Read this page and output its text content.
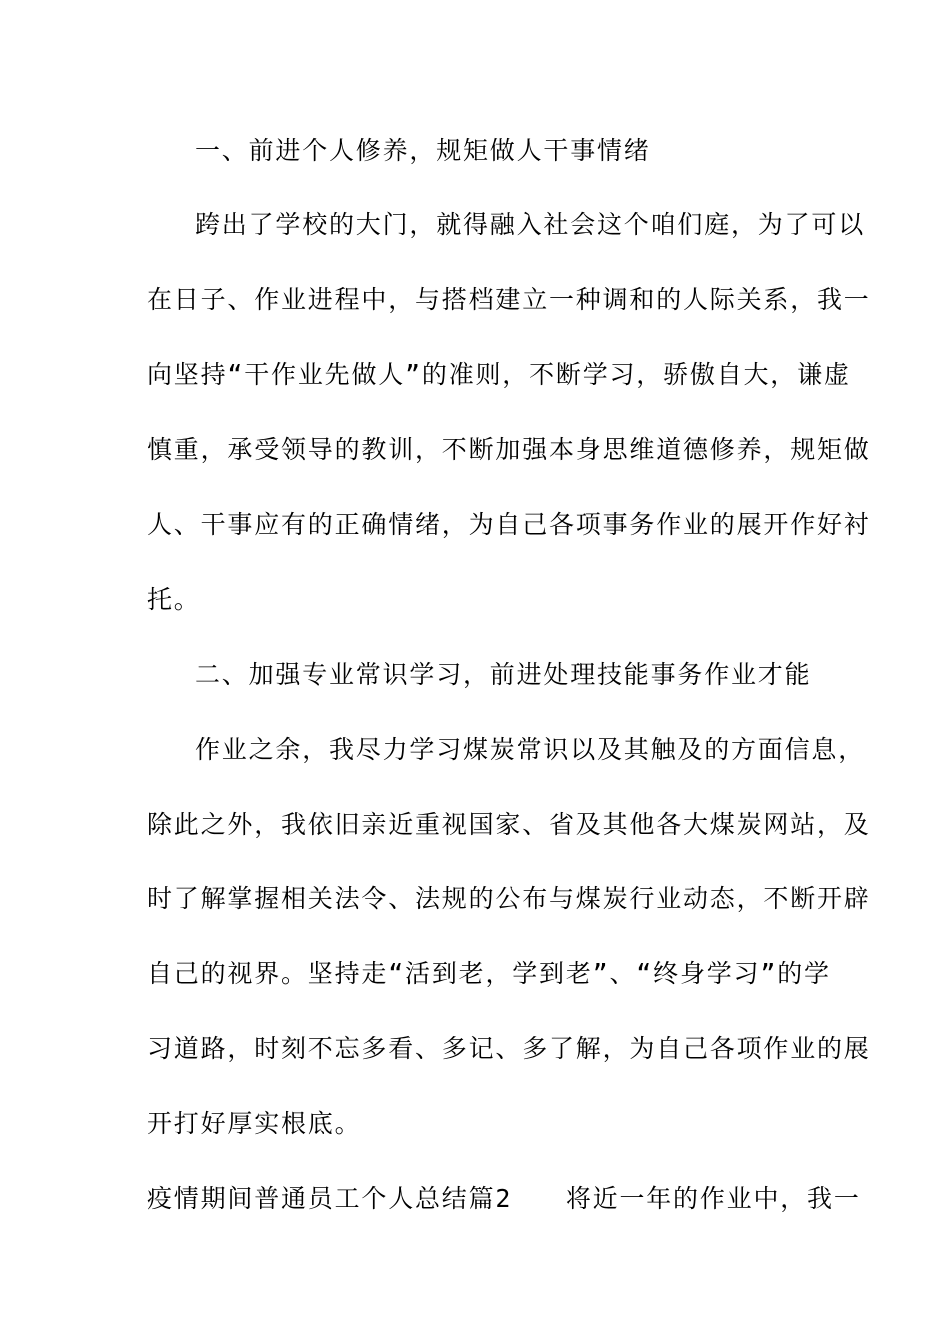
一、前进个人修养，规矩做人干事情绪
跨出了学校的大门，就得融入社会这个咱们庭，为了可以
在日子、作业进程中，与搭档建立一种调和的人际关系，我一
向坚持“干作业先做人”的准则，不断学习，骄傲自大，谦虚
慎重，承受领导的教训，不断加强本身思维道德修养，规矩做
人、干事应有的正确情绪，为自己各项事务作业的展开作好衬
托。
二、加强专业常识学习，前进处理技能事务作业才能
作业之余，我尽力学习煤炭常识以及其触及的方面信息，
除此之外，我依旧亲近重视国家、省及其他各大煤炭网站，及
时了解掌握相关法令、法规的公布与煤炭行业动态，不断开辟
自己的视界。坚持走“活到老，学到老”、“终身学习”的学
习道路，时刻不忘多看、多记、多了解，为自己各项作业的展
开打好厚实根底。
疫情期间普通员工个人总结篇2　　将近一年的作业中，我一
